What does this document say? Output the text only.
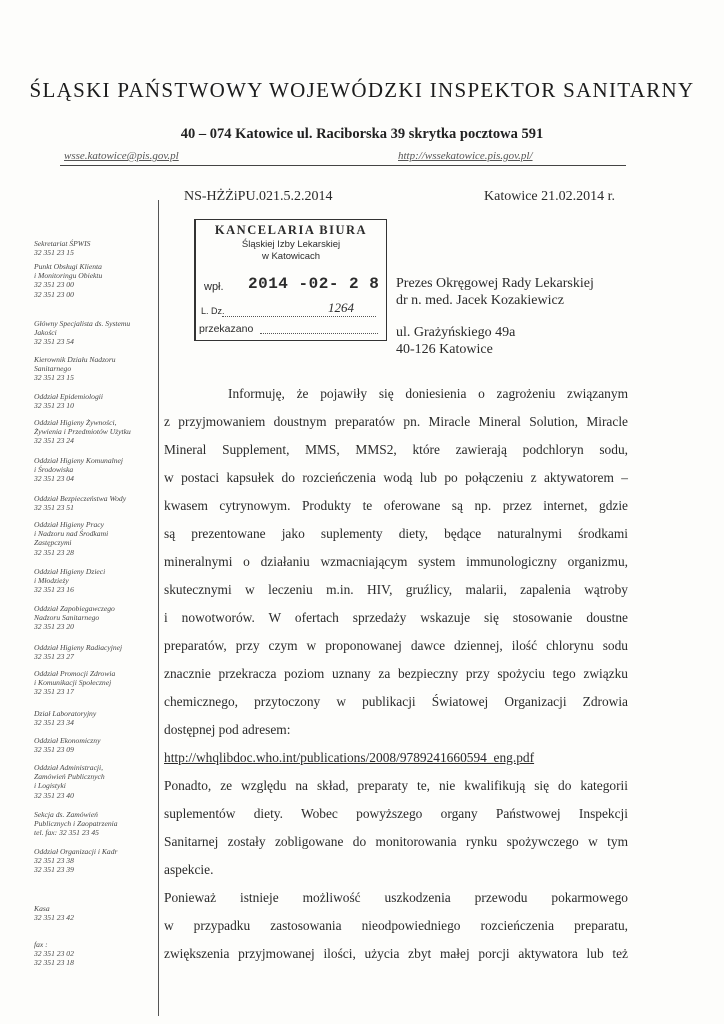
ŚLĄSKI PAŃSTWOWY WOJEWÓDZKI INSPEKTOR SANITARNY
40 – 074 Katowice ul. Raciborska 39 skrytka pocztowa 591
wsse.katowice@pis.gov.pl	http://wssekatowice.pis.gov.pl/
NS-HŻŻiPU.021.5.2.2014	Katowice 21.02.2014 r.
KANCELARIA BIURA
Śląskiej Izby Lekarskiej
w Katowicach
wpł. 2014 -02- 2 8
L. Dz.	1264
przekazano
Prezes Okręgowej Rady Lekarskiej
dr n. med. Jacek Kozakiewicz
ul. Grażyńskiego 49a
40-126 Katowice
Sekretariat ŚPWIS
32 351 23 15
Punkt Obsługi Klienta
i Monitoringu Obiektu
32 351 23 00
32 351 23 00
Główny Specjalista ds. Systemu
Jakości
32 351 23 54
Kierownik Działu Nadzoru
Sanitarnego
32 351 23 15
Oddział Epidemiologii
32 351 23 10
Oddział Higieny Żywności,
Żywienia i Przedmiotów Użytku
32 351 23 24
Oddział Higieny Komunalnej
i Środowiska
32 351 23 04
Oddział Bezpieczeństwa Wody
32 351 23 51
Oddział Higieny Pracy
i Nadzoru nad Środkami
Zastępczymi
32 351 23 28
Oddział Higieny Dzieci
i Młodzieży
32 351 23 16
Oddział Zapobiegawczego
Nadzoru Sanitarnego
32 351 23 20
Oddział Higieny Radiacyjnej
32 351 23 27
Oddział Promocji Zdrowia
i Komunikacji Społecznej
32 351 23 17
Dział Laboratoryjny
32 351 23 34
Oddział Ekonomiczny
32 351 23 09
Oddział Administracji,
Zamówień Publicznych
i Logistyki
32 351 23 40
Sekcja ds. Zamówień
Publicznych i Zaopatrzenia
tel. fax: 32 351 23 45
Oddział Organizacji i Kadr
32 351 23 38
32 351 23 39
Kasa
32 351 23 42
fax :
32 351 23 02
32 351 23 18
Informuję, że pojawiły się doniesienia o zagrożeniu związanym
z przyjmowaniem doustnym preparatów pn. Miracle Mineral Solution, Miracle
Mineral Supplement, MMS, MMS2, które zawierają podchloryn sodu,
w postaci kapsułek do rozcieńczenia wodą lub po połączeniu z aktywatorem –
kwasem cytrynowym. Produkty te oferowane są np. przez internet, gdzie
są prezentowane jako suplementy diety, będące naturalnymi środkami
mineralnymi o działaniu wzmacniającym system immunologiczny organizmu,
skutecznymi w leczeniu m.in. HIV, gruźlicy, malarii, zapalenia wątroby
i nowotworów. W ofertach sprzedaży wskazuje się stosowanie doustne
preparatów, przy czym w proponowanej dawce dziennej, ilość chlorynu sodu
znacznie przekracza poziom uznany za bezpieczny przy spożyciu tego związku
chemicznego, przytoczony w publikacji Światowej Organizacji Zdrowia
dostępnej pod adresem:
http://whqlibdoc.who.int/publications/2008/9789241660594_eng.pdf
Ponadto, ze względu na skład, preparaty te, nie kwalifikują się do kategorii
suplementów diety. Wobec powyższego organy Państwowej Inspekcji
Sanitarnej zostały zobligowane do monitorowania rynku spożywczego w tym
aspekcie.
Ponieważ istnieje możliwość uszkodzenia przewodu pokarmowego
w przypadku zastosowania nieodpowiedniego rozcieńczenia preparatu,
zwiększenia przyjmowanej ilości, użycia zbyt małej porcji aktywatora lub też
